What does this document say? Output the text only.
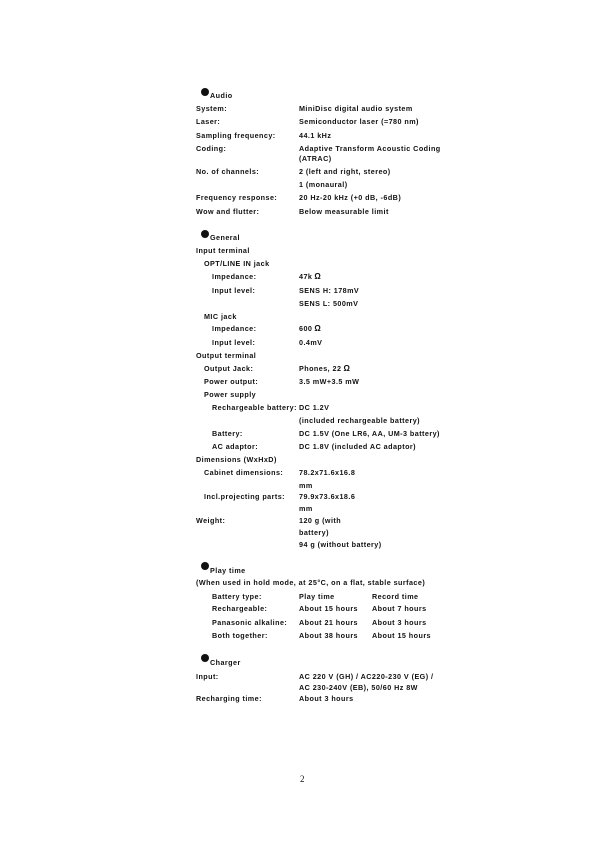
Audio
System:	MiniDisc digital audio system
Laser:	Semiconductor laser (=780 nm)
Sampling frequency:	44.1 kHz
Coding:	Adaptive Transform Acoustic Coding
(ATRAC)
No. of channels:	2 (left and right, stereo)
1 (monaural)
Frequency response:	20 Hz-20 kHz (+0 dB, -6dB)
Wow and flutter:	Below measurable limit
General
Input terminal
OPT/LINE IN jack
Impedance:	47k Ω
Input level:	SENS H: 178mV
SENS L: 500mV
MIC jack
Impedance:	600 Ω
Input level:	0.4mV
Output terminal
Output Jack:	Phones, 22 Ω
Power output:	3.5 mW+3.5 mW
Power supply
Rechargeable battery: DC 1.2V
(included rechargeable battery)
Battery:	DC 1.5V (One LR6, AA, UM-3 battery)
AC adaptor:	DC 1.8V (included AC adaptor)
Dimensions (WxHxD)
Cabinet dimensions: 78.2x71.6x16.8
mm
Incl.projecting parts: 79.9x73.6x18.6
mm
Weight:	120 g (with
battery)
94 g (without battery)
Play time
(When used in hold mode, at 25°C, on a flat, stable surface)
Battery type:	Play time	Record time
Rechargeable:	About 15 hours About 7 hours
Panasonic alkaline: About 21 hours About 3 hours
Both together:	About 38 hours About 15 hours
Charger
Input:	AC 220 V (GH) / AC220-230 V (EG) /
AC 230-240V (EB), 50/60 Hz 8W
Recharging time:	About 3 hours
2
